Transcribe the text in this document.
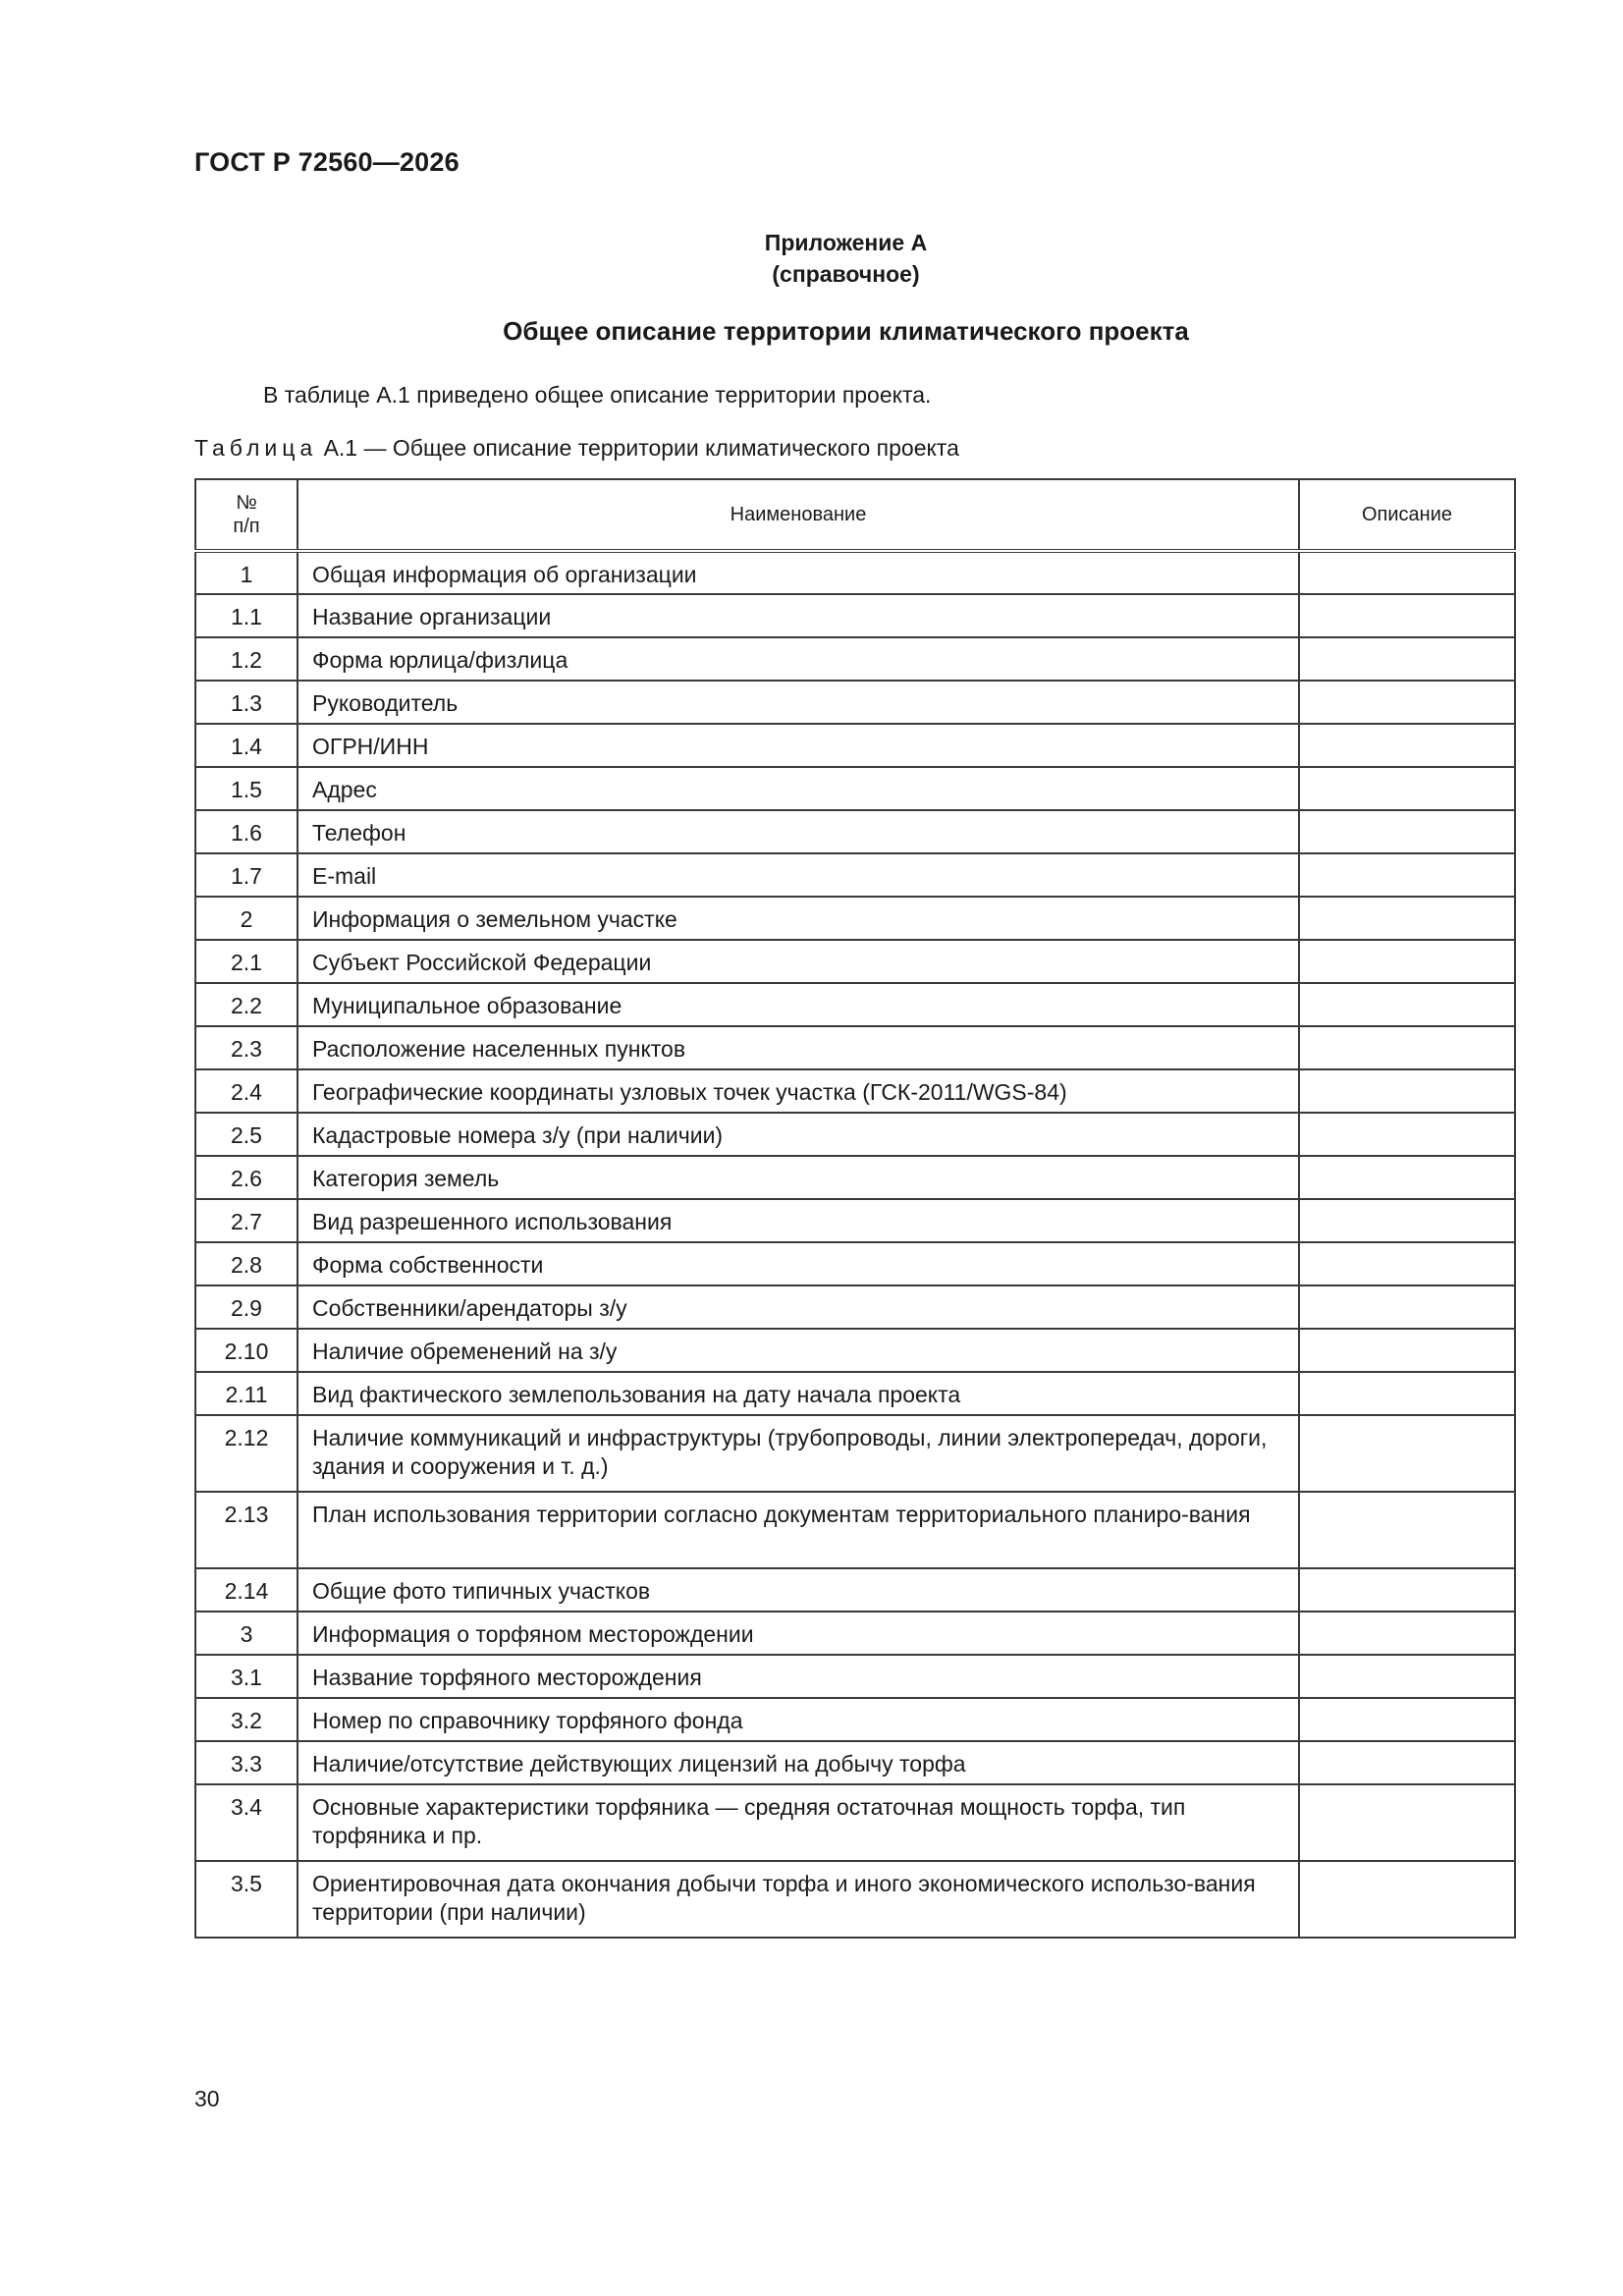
ГОСТ Р 72560—2026
Приложение А
(справочное)
Общее описание территории климатического проекта
В таблице А.1 приведено общее описание территории проекта.
Таблица А.1 — Общее описание территории климатического проекта
№
п/п	Наименование	Описание
1	Общая информация об организации	
1.1	Название организации	
1.2	Форма юрлица/физлица	
1.3	Руководитель	
1.4	ОГРН/ИНН	
1.5	Адрес	
1.6	Телефон	
1.7	E-mail	
2	Информация о земельном участке	
2.1	Субъект Российской Федерации	
2.2	Муниципальное образование	
2.3	Расположение населенных пунктов	
2.4	Географические координаты узловых точек участка (ГСК-2011/WGS-84)	
2.5	Кадастровые номера з/у (при наличии)	
2.6	Категория земель	
2.7	Вид разрешенного использования	
2.8	Форма собственности	
2.9	Собственники/арендаторы з/у	
2.10	Наличие обременений на з/у	
2.11	Вид фактического землепользования на дату начала проекта	
2.12	Наличие коммуникаций и инфраструктуры (трубопроводы, линии электропередач, дороги, здания и сооружения и т. д.)	
2.13	План использования территории согласно документам территориального планиро-вания	
2.14	Общие фото типичных участков	
3	Информация о торфяном месторождении	
3.1	Название торфяного месторождения	
3.2	Номер по справочнику торфяного фонда	
3.3	Наличие/отсутствие действующих лицензий на добычу торфа	
3.4	Основные характеристики торфяника — средняя остаточная мощность торфа, тип торфяника и пр.	
3.5	Ориентировочная дата окончания добычи торфа и иного экономического использо-вания территории (при наличии)	
30
